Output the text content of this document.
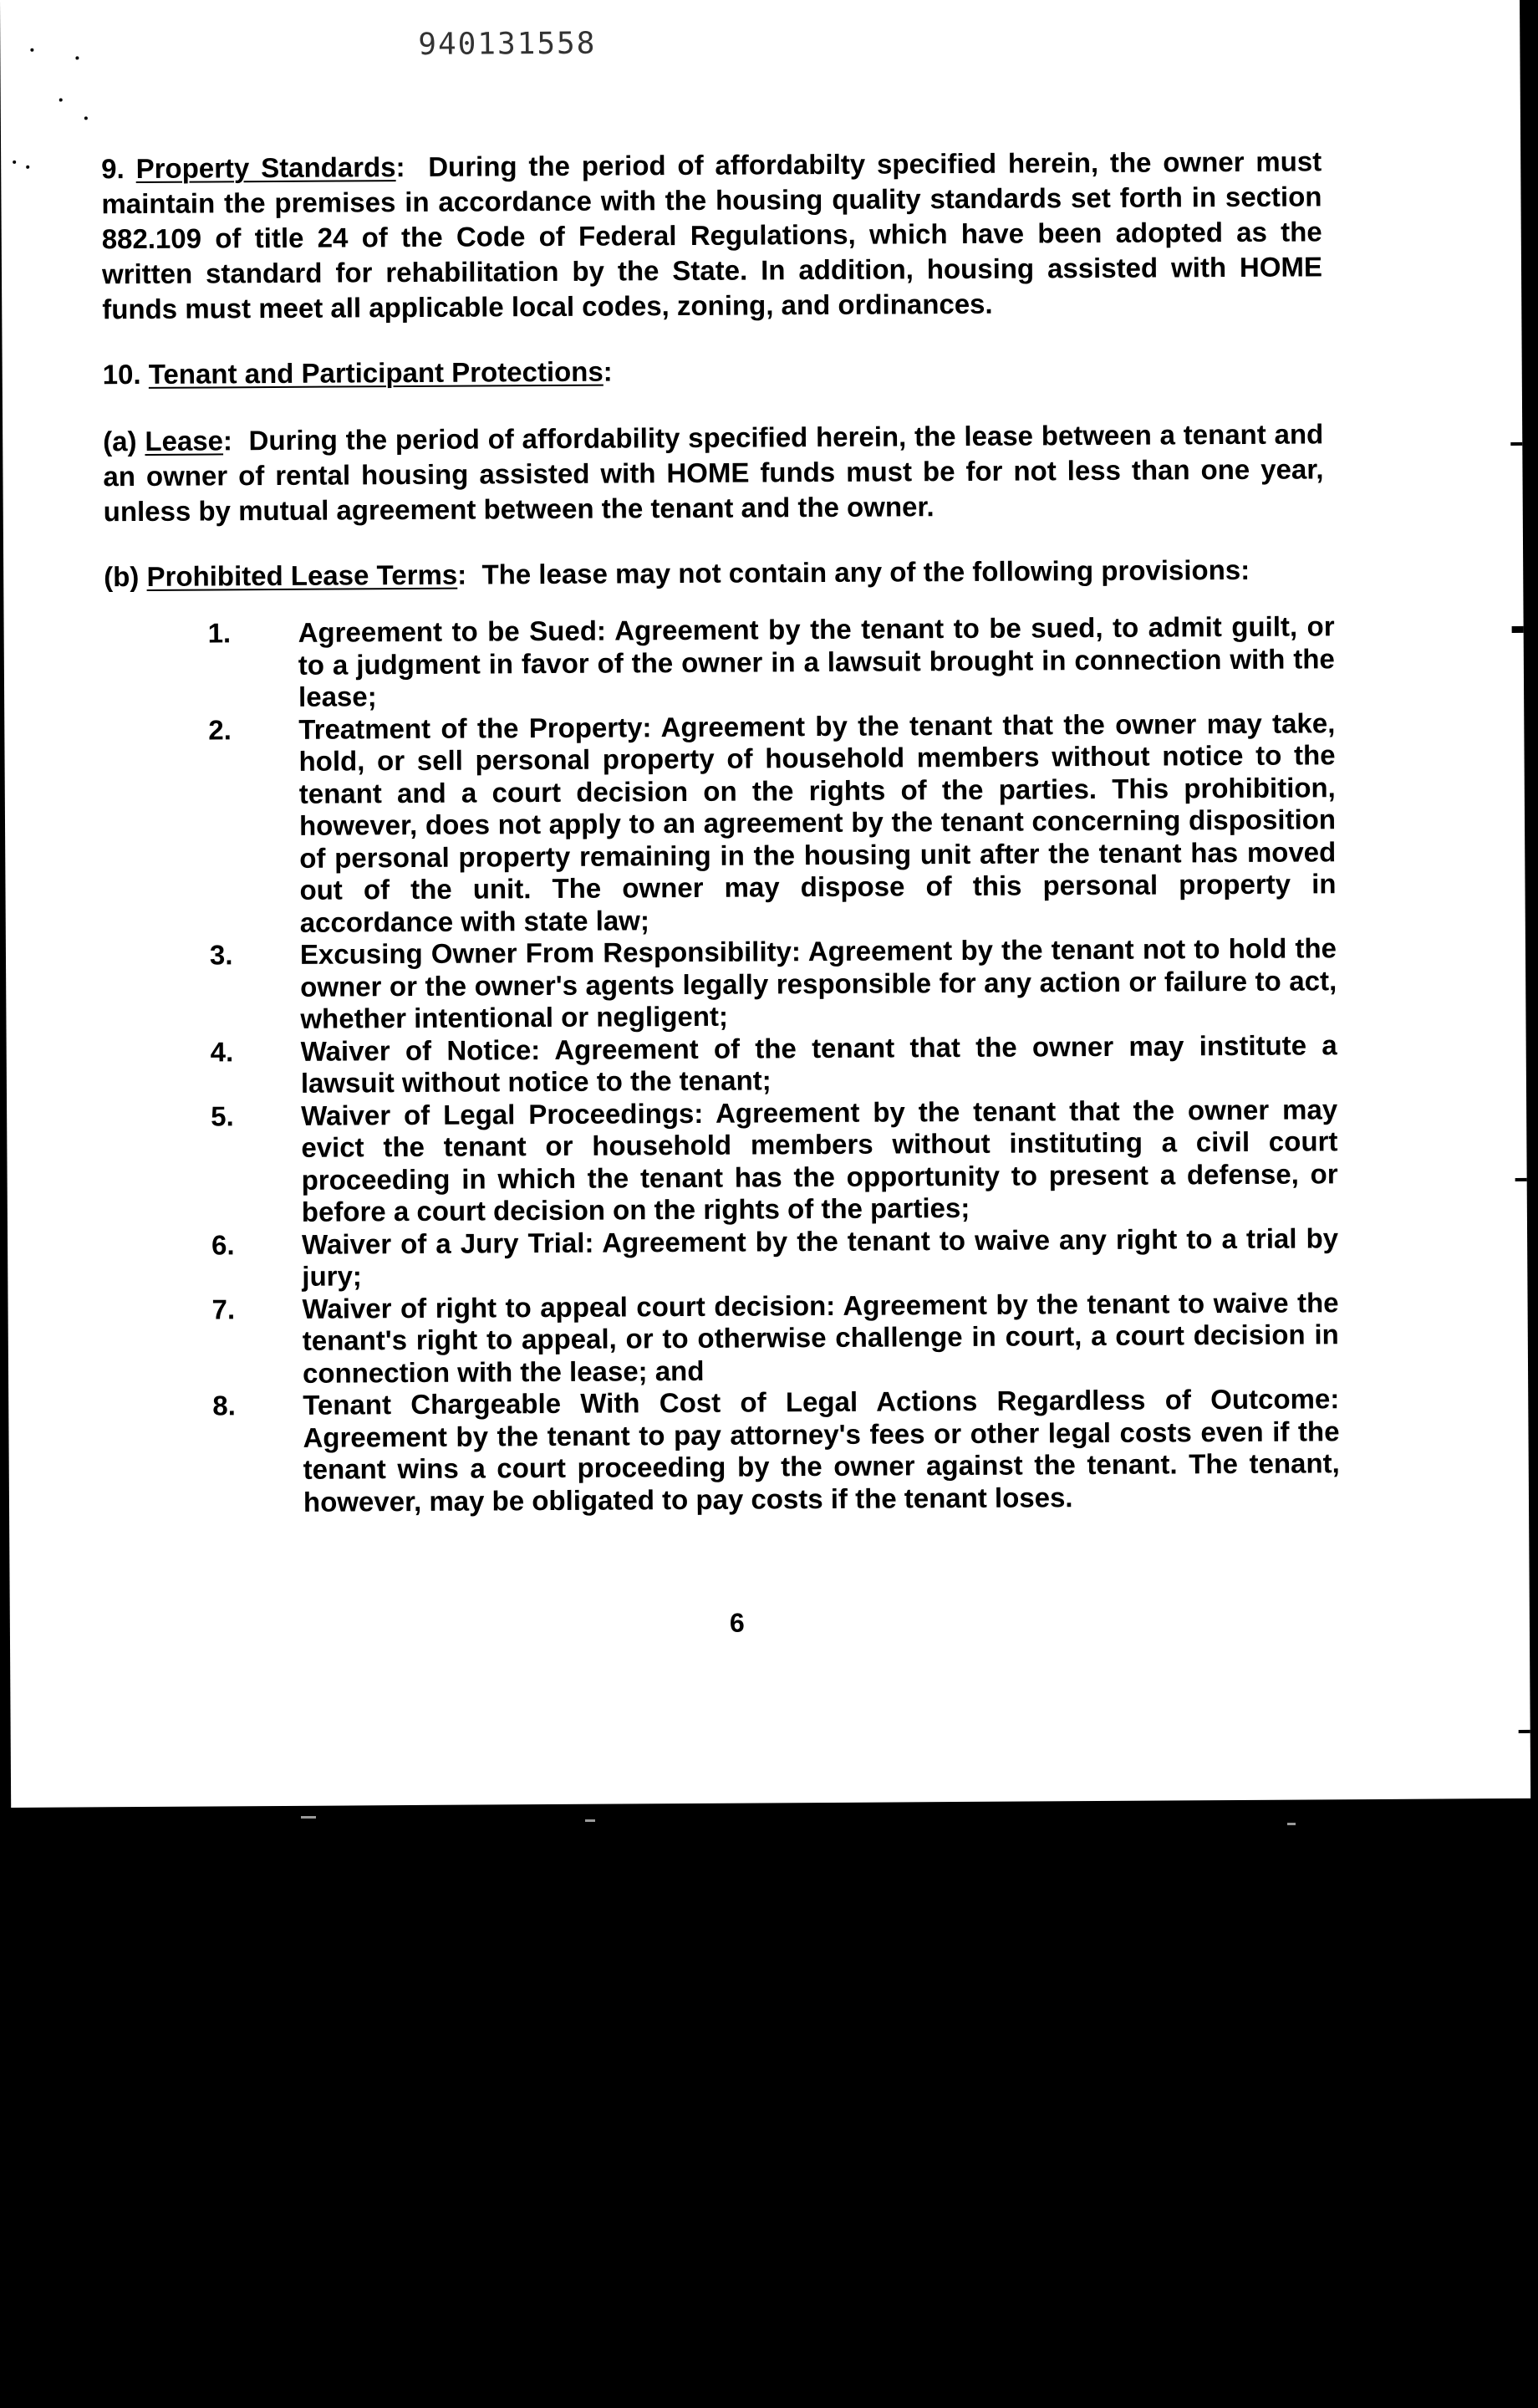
940131558

9. Property Standards:  During the period of affordabilty specified herein, the owner must maintain the premises in accordance with the housing quality standards set forth in section 882.109 of title 24 of the Code of Federal Regulations, which have been adopted as the written standard for rehabilitation by the State. In addition, housing assisted with HOME funds must meet all applicable local codes, zoning, and ordinances.

10. Tenant and Participant Protections:

(a) Lease:  During the period of affordability specified herein, the lease between a tenant and an owner of rental housing assisted with HOME funds must be for not less than one year, unless by mutual agreement between the tenant and the owner.

(b) Prohibited Lease Terms:  The lease may not contain any of the following provisions:

1.	Agreement to be Sued: Agreement by the tenant to be sued, to admit guilt, or to a judgment in favor of the owner in a lawsuit brought in connection with the lease;
2.	Treatment of the Property: Agreement by the tenant that the owner may take, hold, or sell personal property of household members without notice to the tenant and a court decision on the rights of the parties. This prohibition, however, does not apply to an agreement by the tenant concerning disposition of personal property remaining in the housing unit after the tenant has moved out of the unit. The owner may dispose of this personal property in accordance with state law;
3.	Excusing Owner From Responsibility: Agreement by the tenant not to hold the owner or the owner's agents legally responsible for any action or failure to act, whether intentional or negligent;
4.	Waiver of Notice: Agreement of the tenant that the owner may institute a lawsuit without notice to the tenant;
5.	Waiver of Legal Proceedings: Agreement by the tenant that the owner may evict the tenant or household members without instituting a civil court proceeding in which the tenant has the opportunity to present a defense, or before a court decision on the rights of the parties;
6.	Waiver of a Jury Trial: Agreement by the tenant to waive any right to a trial by jury;
7.	Waiver of right to appeal court decision: Agreement by the tenant to waive the tenant's right to appeal, or to otherwise challenge in court, a court decision in connection with the lease; and
8.	Tenant Chargeable With Cost of Legal Actions Regardless of Outcome: Agreement by the tenant to pay attorney's fees or other legal costs even if the tenant wins a court proceeding by the owner against the tenant. The tenant, however, may be obligated to pay costs if the tenant loses.
6
